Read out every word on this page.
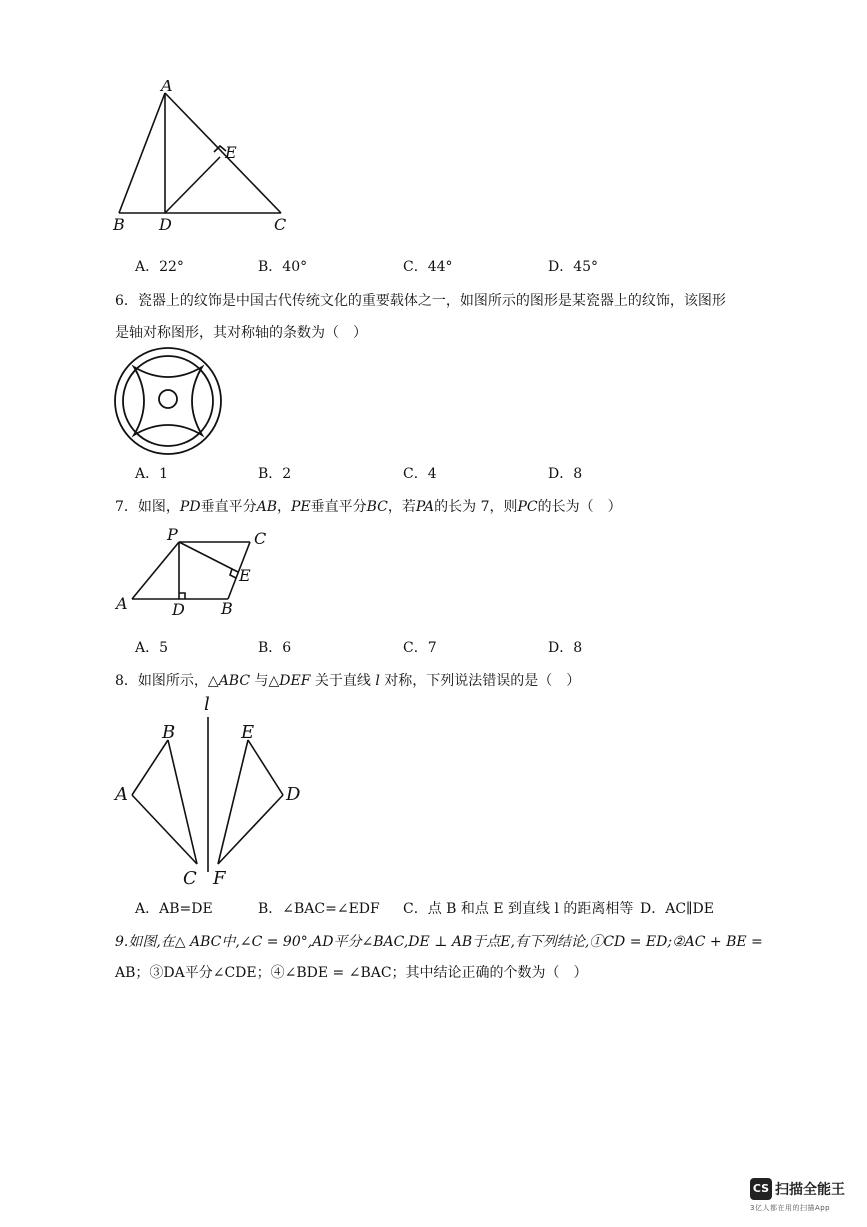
A
B D	C
E
A．22°	B．40°	C．44°	D．45°
6．瓷器上的纹饰是中国古代传统文化的重要载体之一，如图所示的图形是某瓷器上的纹饰，该图形
是轴对称图形，其对称轴的条数为（　）
A．1	B．2	C．4	D．8
7．如图，PD垂直平分AB，PE垂直平分BC，若PA的长为 7，则PC的长为（　）
P	C
E
A	D B
A．5	B．6	C．7	D．8
8．如图所示，△ABC 与△DEF 关于直线 l 对称，下列说法错误的是（　）
l
B	E
A	D
C F
A．AB=DE	B．∠BAC=∠EDF C．点 B 和点 E 到直线 l 的距离相等 D．AC∥DE
9.如图,在△ ABC中,∠C = 90°,AD平分∠BAC,DE ⊥ AB于点E,有下列结论,①CD = ED;②AC + BE =
AB；③DA平分∠CDE；④∠BDE = ∠BAC；其中结论正确的个数为（　）
CS 扫描全能王
3亿人都在用的扫描App
